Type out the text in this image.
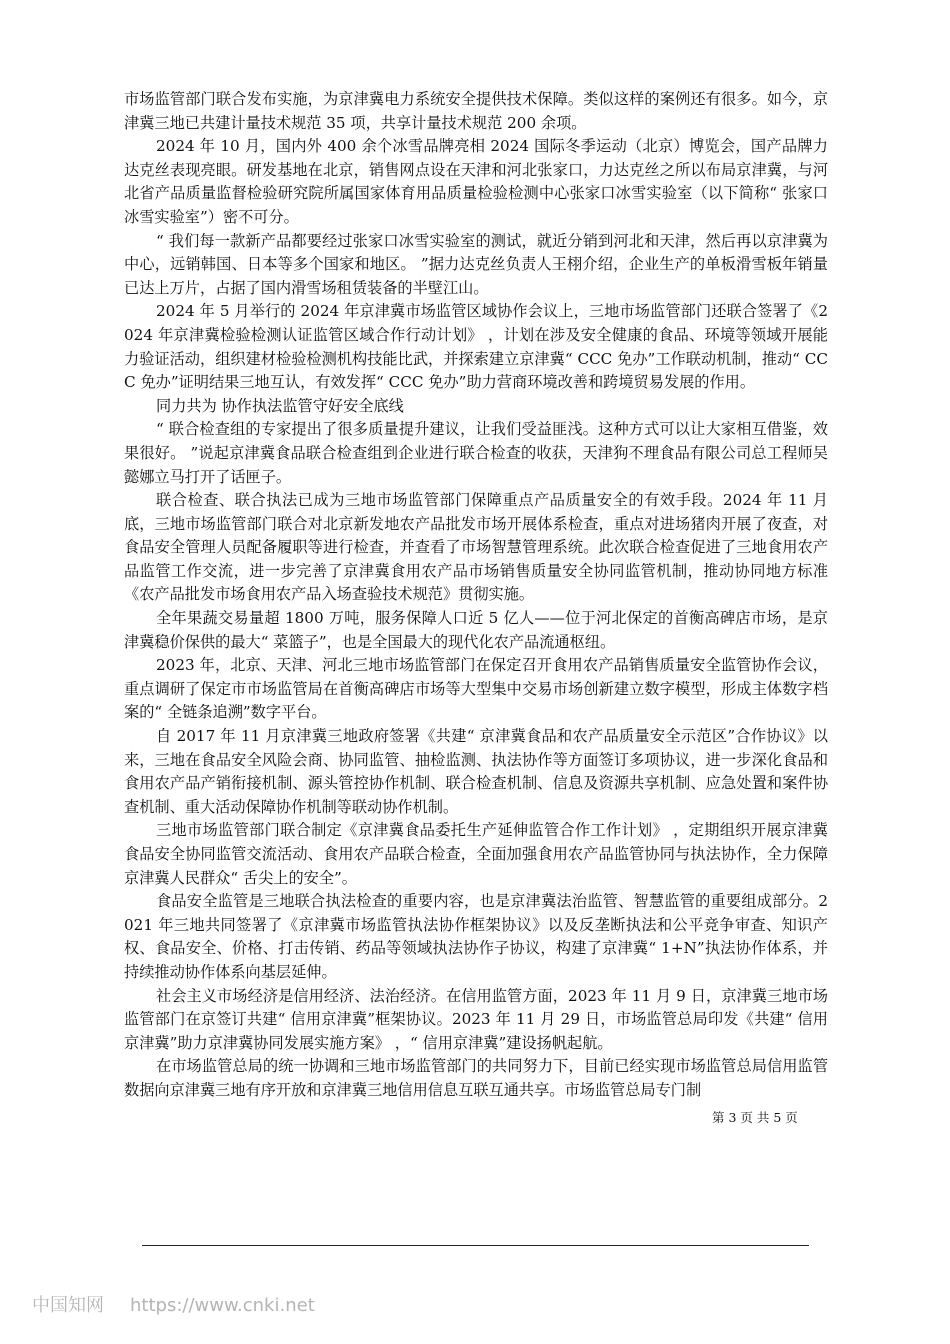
市场监管部门联合发布实施，为京津冀电力系统安全提供技术保障。类似这样的案例还有很多。如今，京津冀三地已共建计量技术规范 35 项，共享计量技术规范 200 余项。

2024 年 10 月，国内外 400 余个冰雪品牌亮相 2024 国际冬季运动（北京）博览会，国产品牌力达克丝表现亮眼。研发基地在北京，销售网点设在天津和河北张家口，力达克丝之所以布局京津冀，与河北省产品质量监督检验研究院所属国家体育用品质量检验检测中心张家口冰雪实验室（以下简称“ 张家口冰雪实验室”）密不可分。

“ 我们每一款新产品都要经过张家口冰雪实验室的测试，就近分销到河北和天津，然后再以京津冀为中心，远销韩国、日本等多个国家和地区。 ”据力达克丝负责人王栩介绍，企业生产的单板滑雪板年销量已达上万片，占据了国内滑雪场租赁装备的半壁江山。

2024 年 5 月举行的 2024 年京津冀市场监管区域协作会议上，三地市场监管部门还联合签署了《2024 年京津冀检验检测认证监管区域合作行动计划》 ，计划在涉及安全健康的食品、环境等领域开展能力验证活动，组织建材检验检测机构技能比武，并探索建立京津冀“ CCC 免办”工作联动机制，推动“ CCC 免办”证明结果三地互认，有效发挥“ CCC 免办”助力营商环境改善和跨境贸易发展的作用。

同力共为 协作执法监管守好安全底线

“ 联合检查组的专家提出了很多质量提升建议，让我们受益匪浅。这种方式可以让大家相互借鉴，效果很好。 ”说起京津冀食品联合检查组到企业进行联合检查的收获，天津狗不理食品有限公司总工程师吴懿娜立马打开了话匣子。

联合检查、联合执法已成为三地市场监管部门保障重点产品质量安全的有效手段。2024 年 11 月底，三地市场监管部门联合对北京新发地农产品批发市场开展体系检查，重点对进场猪肉开展了夜查，对食品安全管理人员配备履职等进行检查，并查看了市场智慧管理系统。此次联合检查促进了三地食用农产品监管工作交流，进一步完善了京津冀食用农产品市场销售质量安全协同监管机制，推动协同地方标准《农产品批发市场食用农产品入场查验技术规范》贯彻实施。

全年果蔬交易量超 1800 万吨，服务保障人口近 5 亿人——位于河北保定的首衡高碑店市场，是京津冀稳价保供的最大“ 菜篮子”，也是全国最大的现代化农产品流通枢纽。

2023 年，北京、天津、河北三地市场监管部门在保定召开食用农产品销售质量安全监管协作会议，重点调研了保定市市场监管局在首衡高碑店市场等大型集中交易市场创新建立数字模型，形成主体数字档案的“ 全链条追溯”数字平台。

自 2017 年 11 月京津冀三地政府签署《共建“ 京津冀食品和农产品质量安全示范区”合作协议》以来，三地在食品安全风险会商、协同监管、抽检监测、执法协作等方面签订多项协议，进一步深化食品和食用农产品产销衔接机制、源头管控协作机制、联合检查机制、信息及资源共享机制、应急处置和案件协查机制、重大活动保障协作机制等联动协作机制。

三地市场监管部门联合制定《京津冀食品委托生产延伸监管合作工作计划》 ，定期组织开展京津冀食品安全协同监管交流活动、食用农产品联合检查，全面加强食用农产品监管协同与执法协作，全力保障京津冀人民群众“ 舌尖上的安全”。

食品安全监管是三地联合执法检查的重要内容，也是京津冀法治监管、智慧监管的重要组成部分。2021 年三地共同签署了《京津冀市场监管执法协作框架协议》以及反垄断执法和公平竞争审查、知识产权、食品安全、价格、打击传销、药品等领域执法协作子协议，构建了京津冀“ 1+N”执法协作体系，并持续推动协作体系向基层延伸。

社会主义市场经济是信用经济、法治经济。在信用监管方面，2023 年 11 月 9 日，京津冀三地市场监管部门在京签订共建“ 信用京津冀”框架协议。2023 年 11 月 29 日，市场监管总局印发《共建“ 信用京津冀”助力京津冀协同发展实施方案》 ，“ 信用京津冀”建设扬帆起航。

在市场监管总局的统一协调和三地市场监管部门的共同努力下，目前已经实现市场监管总局信用监管数据向京津冀三地有序开放和京津冀三地信用信息互联互通共享。市场监管总局专门制

第 3 页 共 5 页
中国知网 https://www.cnki.net
